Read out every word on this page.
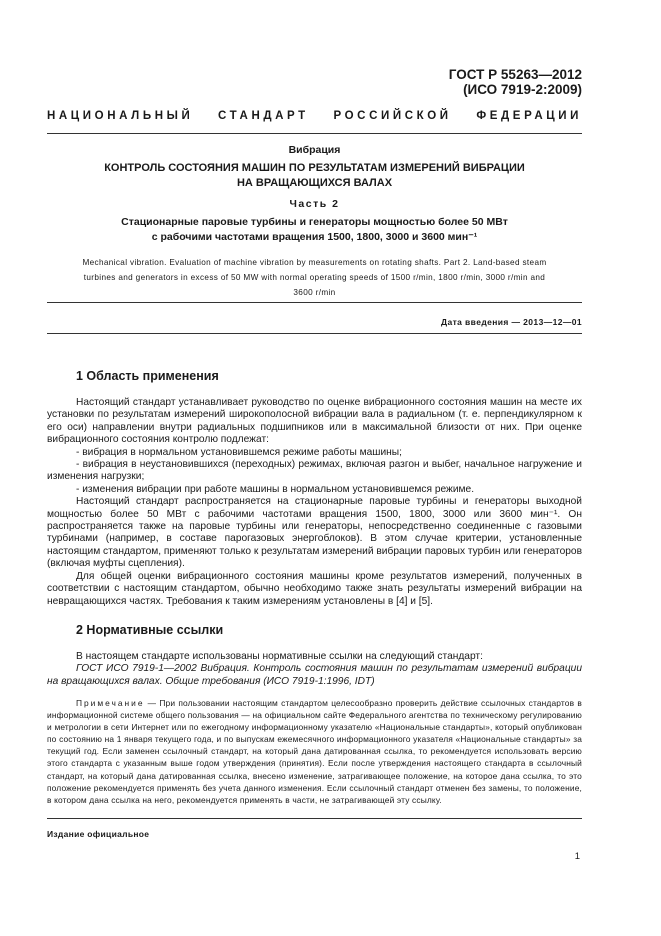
ГОСТ Р 55263—2012
(ИСО 7919-2:2009)
НАЦИОНАЛЬНЫЙ СТАНДАРТ РОССИЙСКОЙ ФЕДЕРАЦИИ
Вибрация
КОНТРОЛЬ СОСТОЯНИЯ МАШИН ПО РЕЗУЛЬТАТАМ ИЗМЕРЕНИЙ ВИБРАЦИИ
НА ВРАЩАЮЩИХСЯ ВАЛАХ
Часть 2
Стационарные паровые турбины и генераторы мощностью более 50 МВт
с рабочими частотами вращения 1500, 1800, 3000 и 3600 мин⁻¹
Mechanical vibration. Evaluation of machine vibration by measurements on rotating shafts. Part 2. Land-based steam
turbines and generators in excess of 50 MW with normal operating speeds of 1500 r/min, 1800 r/min, 3000 r/min and
3600 r/min
Дата введения — 2013—12—01
1 Область применения

Настоящий стандарт устанавливает руководство по оценке вибрационного состояния машин на месте их установки по результатам измерений широкополосной вибрации вала в радиальном (т. е. перпендикулярном к его оси) направлении внутри радиальных подшипников или в максимальной близости от них. При оценке вибрационного состояния контролю подлежат:

- вибрация в нормальном установившемся режиме работы машины;

- вибрация в неустановившихся (переходных) режимах, включая разгон и выбег, начальное нагружение и изменения нагрузки;

- изменения вибрации при работе машины в нормальном установившемся режиме.

Настоящий стандарт распространяется на стационарные паровые турбины и генераторы выходной мощностью более 50 МВт с рабочими частотами вращения 1500, 1800, 3000 или 3600 мин⁻¹. Он распространяется также на паровые турбины или генераторы, непосредственно соединенные с газовыми турбинами (например, в составе парогазовых энергоблоков). В этом случае критерии, установленные настоящим стандартом, применяют только к результатам измерений вибрации паровых турбин или генераторов (включая муфты сцепления).

Для общей оценки вибрационного состояния машины кроме результатов измерений, полученных в соответствии с настоящим стандартом, обычно необходимо также знать результаты измерений вибрации на невращающихся частях. Требования к таким измерениям установлены в [4] и [5].

2 Нормативные ссылки

В настоящем стандарте использованы нормативные ссылки на следующий стандарт:

ГОСТ ИСО 7919-1—2002 Вибрация. Контроль состояния машин по результатам измерений вибрации на вращающихся валах. Общие требования (ИСО 7919-1:1996, IDT)

Примечание — При пользовании настоящим стандартом целесообразно проверить действие ссылочных стандартов в информационной системе общего пользования — на официальном сайте Федерального агентства по техническому регулированию и метрологии в сети Интернет или по ежегодному информационному указателю «Национальные стандарты», который опубликован по состоянию на 1 января текущего года, и по выпускам ежемесячного информационного указателя «Национальные стандарты» за текущий год. Если заменен ссылочный стандарт, на который дана датированная ссылка, то рекомендуется использовать версию этого стандарта с указанным выше годом утверждения (принятия). Если после утверждения настоящего стандарта в ссылочный стандарт, на который дана датированная ссылка, внесено изменение, затрагивающее положение, на которое дана ссылка, то это положение рекомендуется применять без учета данного изменения. Если ссылочный стандарт отменен без замены, то положение, в котором дана ссылка на него, рекомендуется применять в части, не затрагивающей эту ссылку.

Издание официальное
1
